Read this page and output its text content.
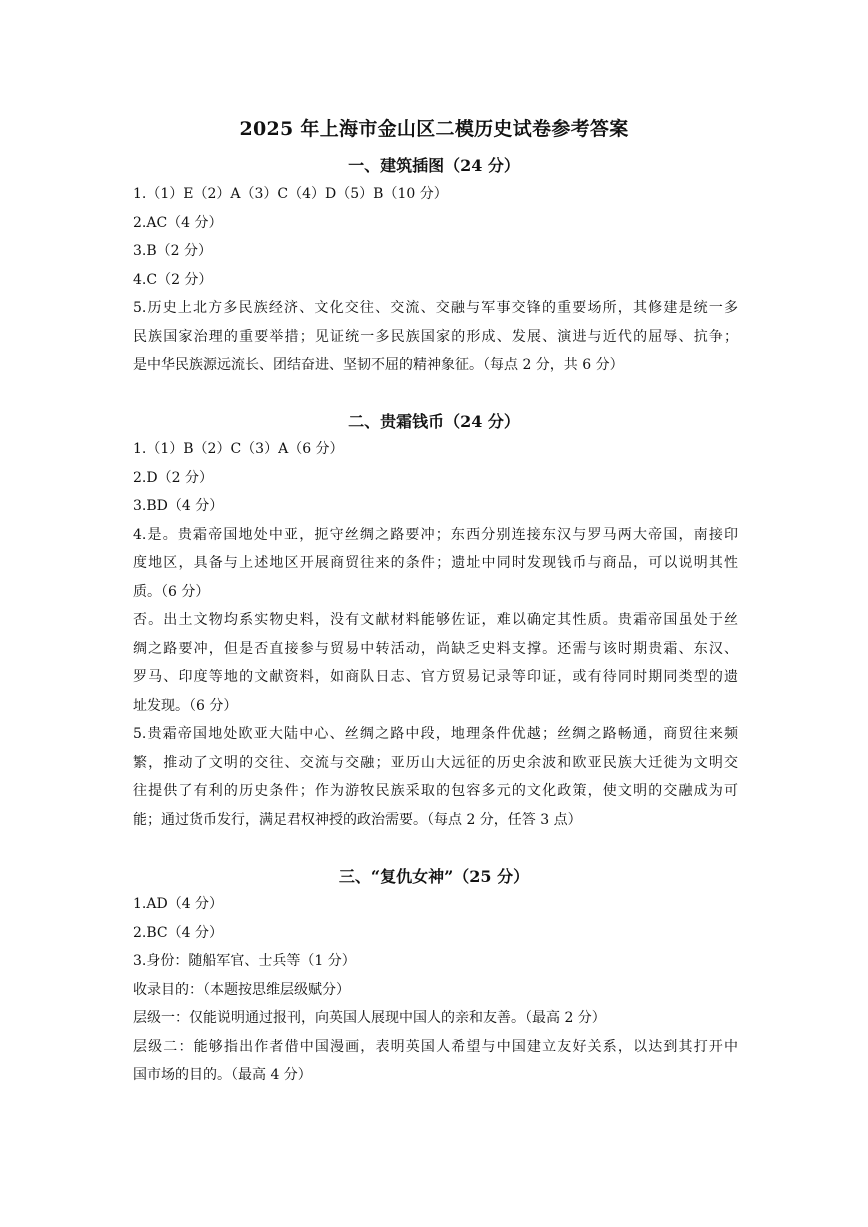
2025 年上海市金山区二模历史试卷参考答案
一、建筑插图（24 分）
1.（1）E（2）A（3）C（4）D（5）B（10 分）
2.AC（4 分）
3.B（2 分）
4.C（2 分）
5.历史上北方多民族经济、文化交往、交流、交融与军事交锋的重要场所，其修建是统一多
民族国家治理的重要举措；见证统一多民族国家的形成、发展、演进与近代的屈辱、抗争；
是中华民族源远流长、团结奋进、坚韧不屈的精神象征。（每点 2 分，共 6 分）
二、贵霜钱币（24 分）
1.（1）B（2）C（3）A（6 分）
2.D（2 分）
3.BD（4 分）
4.是。贵霜帝国地处中亚，扼守丝绸之路要冲；东西分别连接东汉与罗马两大帝国，南接印
度地区，具备与上述地区开展商贸往来的条件；遗址中同时发现钱币与商品，可以说明其性
质。（6 分）
否。出土文物均系实物史料，没有文献材料能够佐证，难以确定其性质。贵霜帝国虽处于丝
绸之路要冲，但是否直接参与贸易中转活动，尚缺乏史料支撑。还需与该时期贵霜、东汉、
罗马、印度等地的文献资料，如商队日志、官方贸易记录等印证，或有待同时期同类型的遗
址发现。（6 分）
5.贵霜帝国地处欧亚大陆中心、丝绸之路中段，地理条件优越；丝绸之路畅通，商贸往来频
繁，推动了文明的交往、交流与交融；亚历山大远征的历史余波和欧亚民族大迁徙为文明交
往提供了有利的历史条件；作为游牧民族采取的包容多元的文化政策，使文明的交融成为可
能；通过货币发行，满足君权神授的政治需要。（每点 2 分，任答 3 点）
三、“复仇女神”（25 分）
1.AD（4 分）
2.BC（4 分）
3.身份：随船军官、士兵等（1 分）
收录目的：（本题按思维层级赋分）
层级一：仅能说明通过报刊，向英国人展现中国人的亲和友善。（最高 2 分）
层级二：能够指出作者借中国漫画，表明英国人希望与中国建立友好关系，以达到其打开中
国市场的目的。（最高 4 分）
